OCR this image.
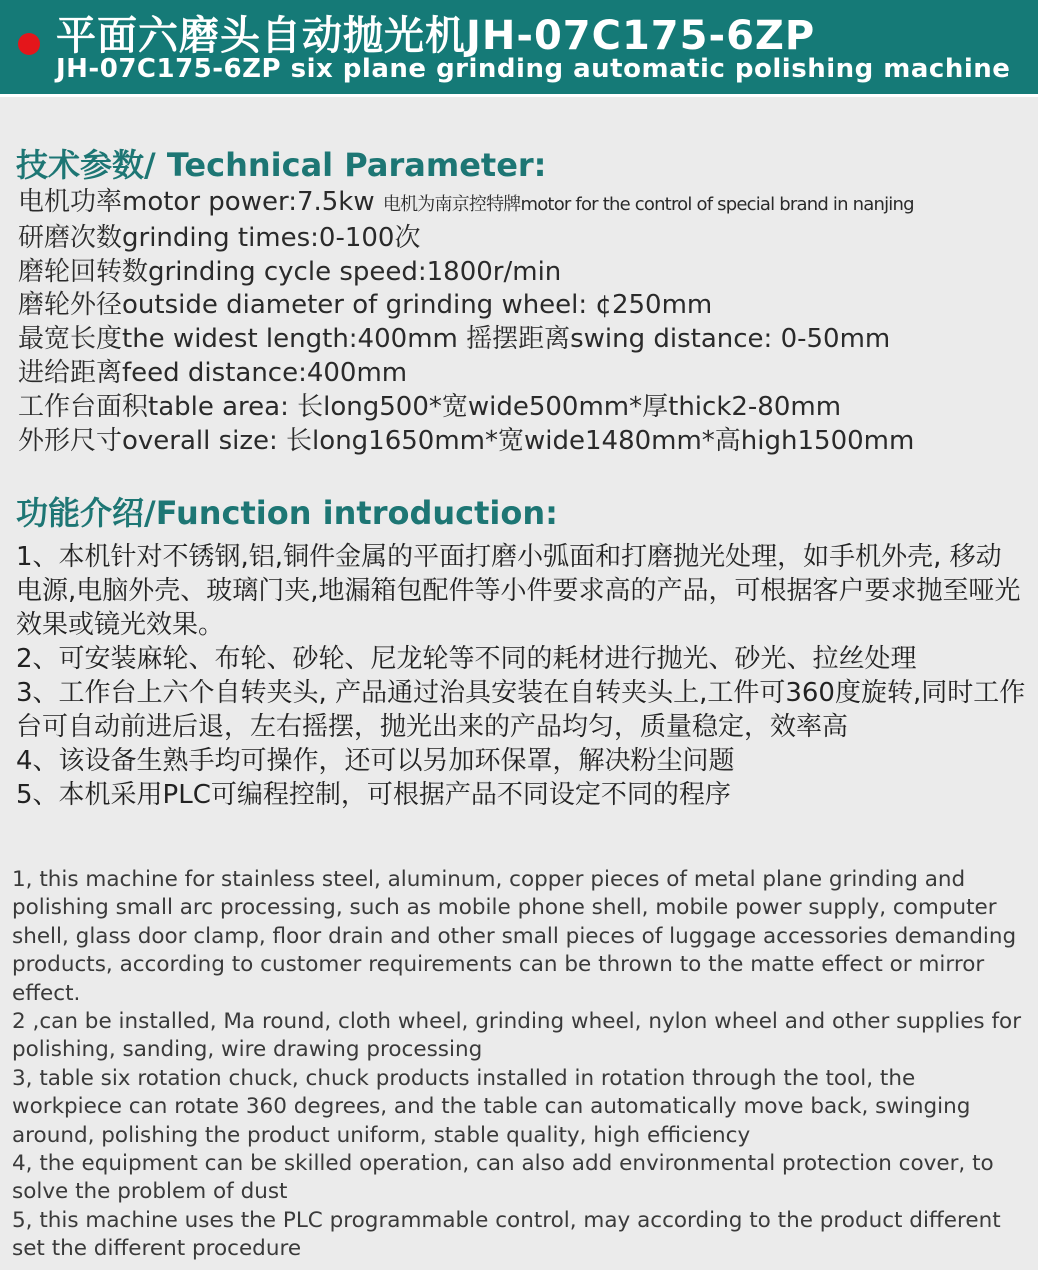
平面六磨头自动抛光机JH-07C175-6ZP
JH-07C175-6ZP six plane grinding automatic polishing machine
技术参数/ Technical Parameter:
电机功率motor power:7.5kw 电机为南京控特牌motor for the control of special brand in nanjing
研磨次数grinding times:0-100次
磨轮回转数grinding cycle speed:1800r/min
磨轮外径outside diameter of grinding wheel: ¢250mm
最宽长度the widest length:400mm 摇摆距离swing distance: 0-50mm
进给距离feed distance:400mm
工作台面积table area: 长long500*宽wide500mm*厚thick2-80mm
外形尺寸overall size: 长long1650mm*宽wide1480mm*高high1500mm
功能介绍/Function introduction:

1、本机针对不锈钢,铝,铜件金属的平面打磨小弧面和打磨抛光处理，如手机外壳, 移动电源,电脑外壳、玻璃门夹,地漏箱包配件等小件要求高的产品，可根据客户要求抛至哑光效果或镜光效果。

2、可安装麻轮、布轮、砂轮、尼龙轮等不同的耗材进行抛光、砂光、拉丝处理

3、工作台上六个自转夹头, 产品通过治具安装在自转夹头上,工件可360度旋转,同时工作台可自动前进后退，左右摇摆，抛光出来的产品均匀，质量稳定，效率高

4、该设备生熟手均可操作，还可以另加环保罩，解决粉尘问题

5、本机采用PLC可编程控制，可根据产品不同设定不同的程序

1, this machine for stainless steel, aluminum, copper pieces of metal plane grinding and polishing small arc processing, such as mobile phone shell, mobile power supply, computer shell, glass door clamp, floor drain and other small pieces of luggage accessories demanding products, according to customer requirements can be thrown to the matte effect or mirror effect.

2 ,can be installed, Ma round, cloth wheel, grinding wheel, nylon wheel and other supplies for polishing, sanding, wire drawing processing

3, table six rotation chuck, chuck products installed in rotation through the tool, the workpiece can rotate 360 degrees, and the table can automatically move back, swinging around, polishing the product uniform, stable quality, high efficiency

4, the equipment can be skilled operation, can also add environmental protection cover, to solve the problem of dust

5, this machine uses the PLC programmable control, may according to the product different set the different procedure
